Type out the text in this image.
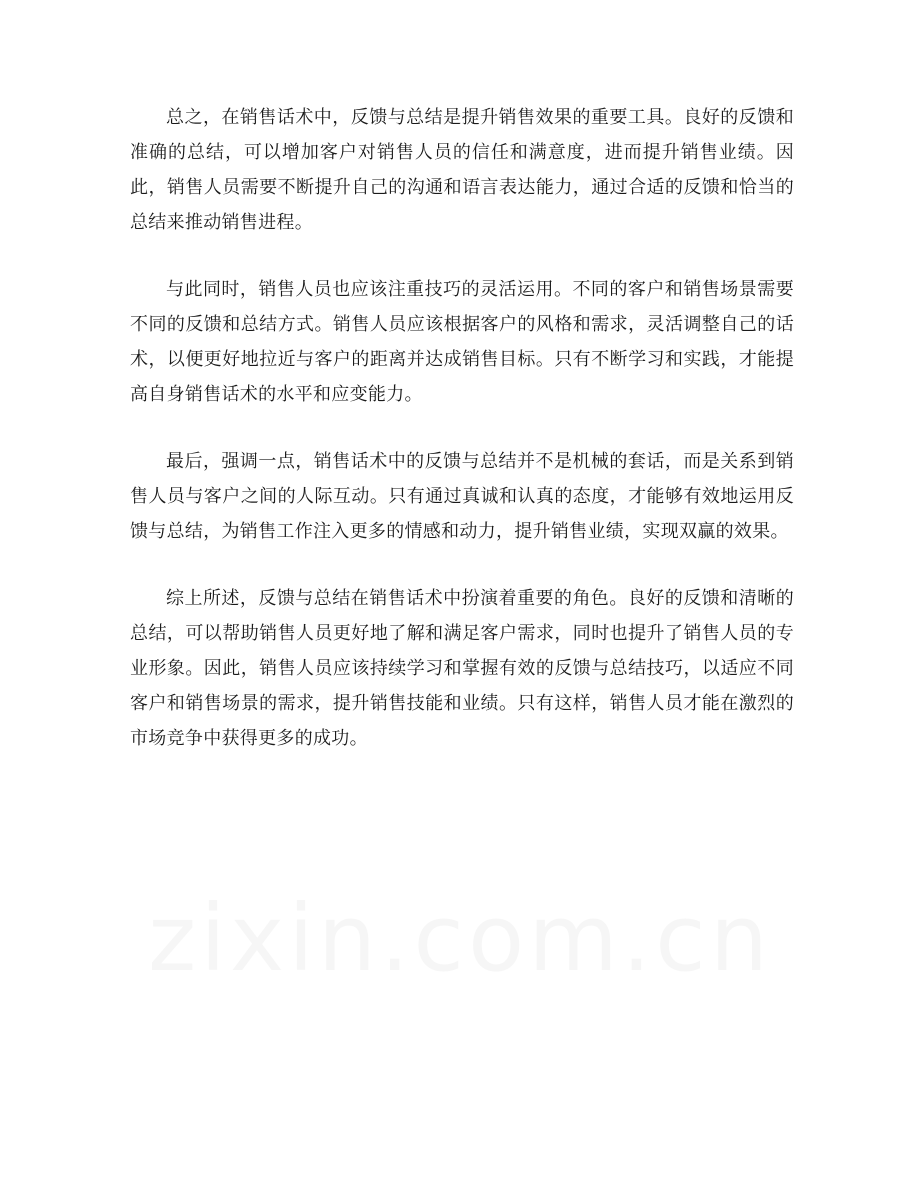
总之，在销售话术中，反馈与总结是提升销售效果的重要工具。良好的反馈和准确的总结，可以增加客户对销售人员的信任和满意度，进而提升销售业绩。因此，销售人员需要不断提升自己的沟通和语言表达能力，通过合适的反馈和恰当的总结来推动销售进程。

与此同时，销售人员也应该注重技巧的灵活运用。不同的客户和销售场景需要不同的反馈和总结方式。销售人员应该根据客户的风格和需求，灵活调整自己的话术，以便更好地拉近与客户的距离并达成销售目标。只有不断学习和实践，才能提高自身销售话术的水平和应变能力。

最后，强调一点，销售话术中的反馈与总结并不是机械的套话，而是关系到销售人员与客户之间的人际互动。只有通过真诚和认真的态度，才能够有效地运用反馈与总结，为销售工作注入更多的情感和动力，提升销售业绩，实现双赢的效果。

综上所述，反馈与总结在销售话术中扮演着重要的角色。良好的反馈和清晰的总结，可以帮助销售人员更好地了解和满足客户需求，同时也提升了销售人员的专业形象。因此，销售人员应该持续学习和掌握有效的反馈与总结技巧，以适应不同客户和销售场景的需求，提升销售技能和业绩。只有这样，销售人员才能在激烈的市场竞争中获得更多的成功。
